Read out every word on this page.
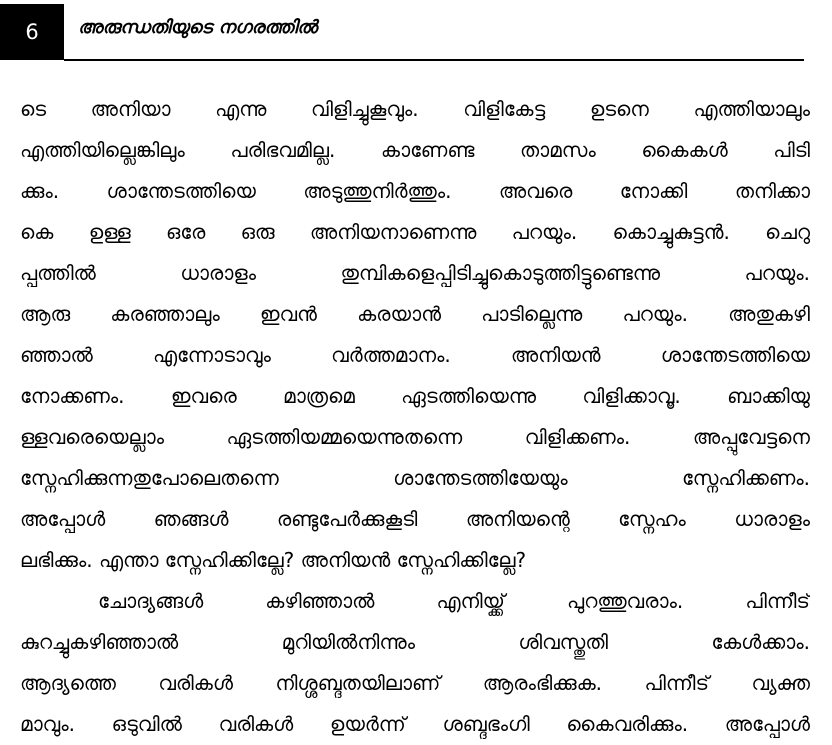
6 അരുന്ധതിയുടെ നഗരത്തിൽ
ടെ അനിയാ എന്നു വിളിച്ചുകൂവും. വിളികേട്ട ഉടനെ എത്തിയാലും
എത്തിയില്ലെങ്കിലും പരിഭവമില്ല. കാണേണ്ട താമസം കൈകൾ പിടി
ക്കും. ശാന്തേടത്തിയെ അടുത്തുനിർത്തും. അവരെ നോക്കി തനിക്കാ
കെ ഉള്ള ഒരേ ഒരു അനിയനാണെന്നു പറയും. കൊച്ചുകുട്ടൻ. ചെറു
പ്പത്തിൽ ധാരാളം തുമ്പികളെപ്പിടിച്ചുകൊടുത്തിട്ടുണ്ടെന്നു പറയും.
ആരു കരഞ്ഞാലും ഇവൻ കരയാൻ പാടില്ലെന്നു പറയും. അതുകഴി
ഞ്ഞാൽ എന്നോടാവും വർത്തമാനം. അനിയൻ ശാന്തേടത്തിയെ
നോക്കണം. ഇവരെ മാത്രമെ ഏടത്തിയെന്നു വിളിക്കാവൂ. ബാക്കിയു
ള്ളവരെയെല്ലാം ഏടത്തിയമ്മയെന്നുതന്നെ വിളിക്കണം. അപ്പുവേട്ടനെ
സ്നേഹിക്കുന്നതുപോലെതന്നെ ശാന്തേടത്തിയേയും സ്നേഹിക്കണം.
അപ്പോൾ ഞങ്ങൾ രണ്ടുപേർക്കുകൂടി അനിയന്റെ സ്നേഹം ധാരാളം
ലഭിക്കും. എന്താ സ്നേഹിക്കില്ലേ? അനിയൻ സ്നേഹിക്കില്ലേ?
ചോദ്യങ്ങൾ കഴിഞ്ഞാൽ എനിയ്ക്ക് പുറത്തുവരാം. പിന്നീട്
കുറച്ചുകഴിഞ്ഞാൽ മുറിയിൽനിന്നും ശിവസ്തുതി കേൾക്കാം.
ആദ്യത്തെ വരികൾ നിശ്ശബ്ദതയിലാണ് ആരംഭിക്കുക. പിന്നീട് വ്യക്ത
മാവും. ഒടുവിൽ വരികൾ ഉയർന്ന് ശബ്ദഭംഗി കൈവരിക്കും. അപ്പോൾ
